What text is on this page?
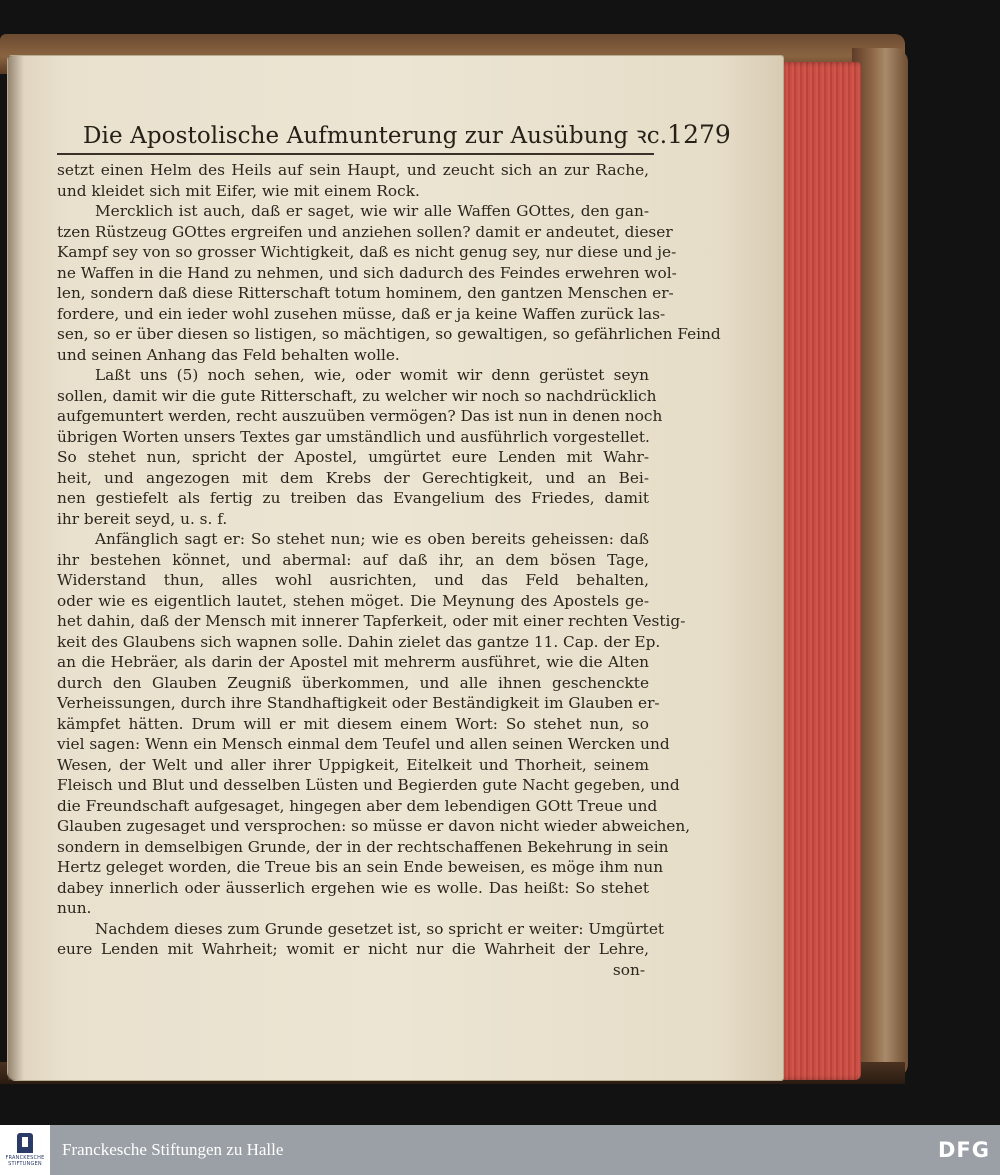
Die Apostolische Aufmunterung zur Ausübung ꝛc. 1279
setzt einen Helm des Heils auf sein Haupt, und zeucht sich an zur Rache,
und kleidet sich mit Eifer, wie mit einem Rock.
Mercklich ist auch, daß er saget, wie wir alle Waffen GOttes, den gan-
tzen Rüstzeug GOttes ergreifen und anziehen sollen? damit er andeutet, dieser
Kampf sey von so grosser Wichtigkeit, daß es nicht genug sey, nur diese und je-
ne Waffen in die Hand zu nehmen, und sich dadurch des Feindes erwehren wol-
len, sondern daß diese Ritterschaft totum hominem, den gantzen Menschen er-
fordere, und ein ieder wohl zusehen müsse, daß er ja keine Waffen zurück las-
sen, so er über diesen so listigen, so mächtigen, so gewaltigen, so gefährlichen Feind
und seinen Anhang das Feld behalten wolle.
Laßt uns (5) noch sehen, wie, oder womit wir denn gerüstet seyn
sollen, damit wir die gute Ritterschaft, zu welcher wir noch so nachdrücklich
aufgemuntert werden, recht auszuüben vermögen? Das ist nun in denen noch
übrigen Worten unsers Textes gar umständlich und ausführlich vorgestellet.
So stehet nun, spricht der Apostel, umgürtet eure Lenden mit Wahr-
heit, und angezogen mit dem Krebs der Gerechtigkeit, und an Bei-
nen gestiefelt als fertig zu treiben das Evangelium des Friedes, damit
ihr bereit seyd, u. s. f.
Anfänglich sagt er: So stehet nun; wie es oben bereits geheissen: daß
ihr bestehen könnet, und abermal: auf daß ihr, an dem bösen Tage,
Widerstand thun, alles wohl ausrichten, und das Feld behalten,
oder wie es eigentlich lautet, stehen möget. Die Meynung des Apostels ge-
het dahin, daß der Mensch mit innerer Tapferkeit, oder mit einer rechten Vestig-
keit des Glaubens sich wapnen solle. Dahin zielet das gantze 11. Cap. der Ep.
an die Hebräer, als darin der Apostel mit mehrerm ausführet, wie die Alten
durch den Glauben Zeugniß überkommen, und alle ihnen geschenckte
Verheissungen, durch ihre Standhaftigkeit oder Beständigkeit im Glauben er-
kämpfet hätten. Drum will er mit diesem einem Wort: So stehet nun, so
viel sagen: Wenn ein Mensch einmal dem Teufel und allen seinen Wercken und
Wesen, der Welt und aller ihrer Uppigkeit, Eitelkeit und Thorheit, seinem
Fleisch und Blut und desselben Lüsten und Begierden gute Nacht gegeben, und
die Freundschaft aufgesaget, hingegen aber dem lebendigen GOtt Treue und
Glauben zugesaget und versprochen: so müsse er davon nicht wieder abweichen,
sondern in demselbigen Grunde, der in der rechtschaffenen Bekehrung in sein
Hertz geleget worden, die Treue bis an sein Ende beweisen, es möge ihm nun
dabey innerlich oder äusserlich ergehen wie es wolle. Das heißt: So stehet
nun.
Nachdem dieses zum Grunde gesetzet ist, so spricht er weiter: Umgürtet
eure Lenden mit Wahrheit; womit er nicht nur die Wahrheit der Lehre,
son-
FRANCKESCHE
STIFTUNGEN
Franckesche Stiftungen zu Halle	DFG
